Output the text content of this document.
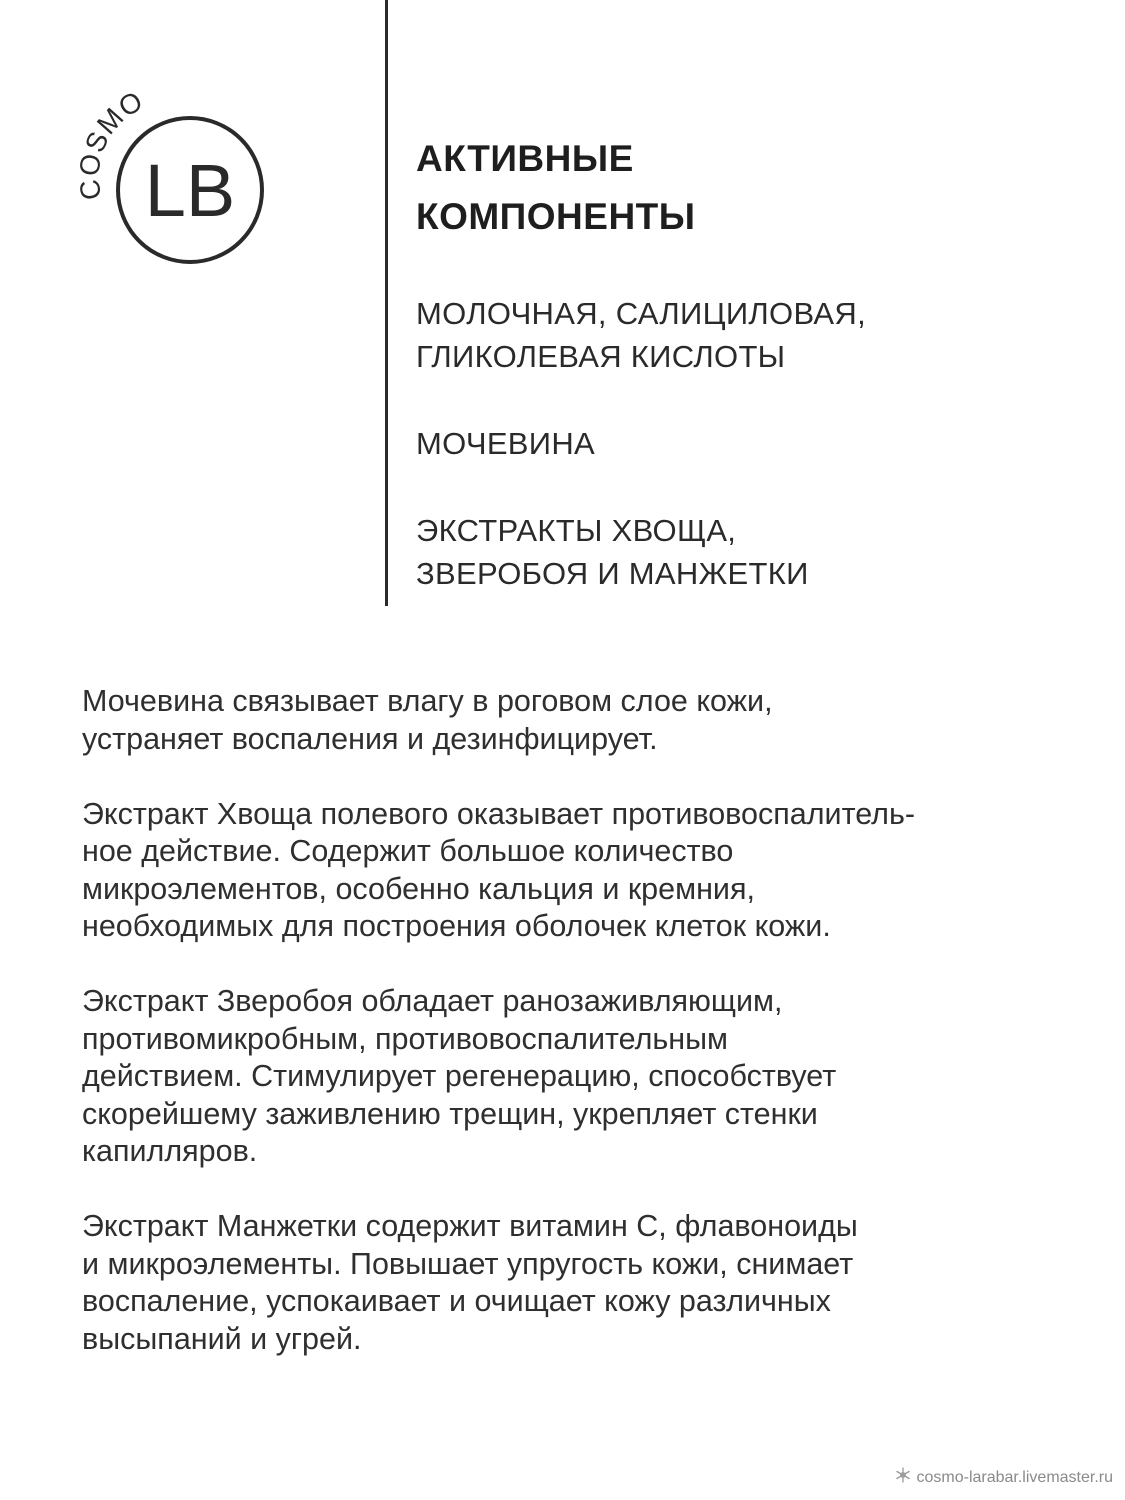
COSMO
LB	АКТИВНЫЕ
КОМПОНЕНТЫ
МОЛОЧНАЯ, САЛИЦИЛОВАЯ,
ГЛИКОЛЕВАЯ КИСЛОТЫ
МОЧЕВИНА
ЭКСТРАКТЫ ХВОЩА,
ЗВЕРОБОЯ И МАНЖЕТКИ

Мочевина связывает влагу в роговом слое кожи,
устраняет воспаления и дезинфицирует.

Экстракт Хвоща полевого оказывает противовоспалитель-
ное действие. Содержит большое количество
микроэлементов, особенно кальция и кремния,
необходимых для построения оболочек клеток кожи.

Экстракт Зверобоя обладает ранозаживляющим,
противомикробным, противовоспалительным
действием. Стимулирует регенерацию, способствует
скорейшему заживлению трещин, укрепляет стенки
капилляров.

Экстракт Манжетки содержит витамин С, флавоноиды
и микроэлементы. Повышает упругость кожи, снимает
воспаление, успокаивает и очищает кожу различных
высыпаний и угрей.

cosmo-larabar.livemaster.ru
